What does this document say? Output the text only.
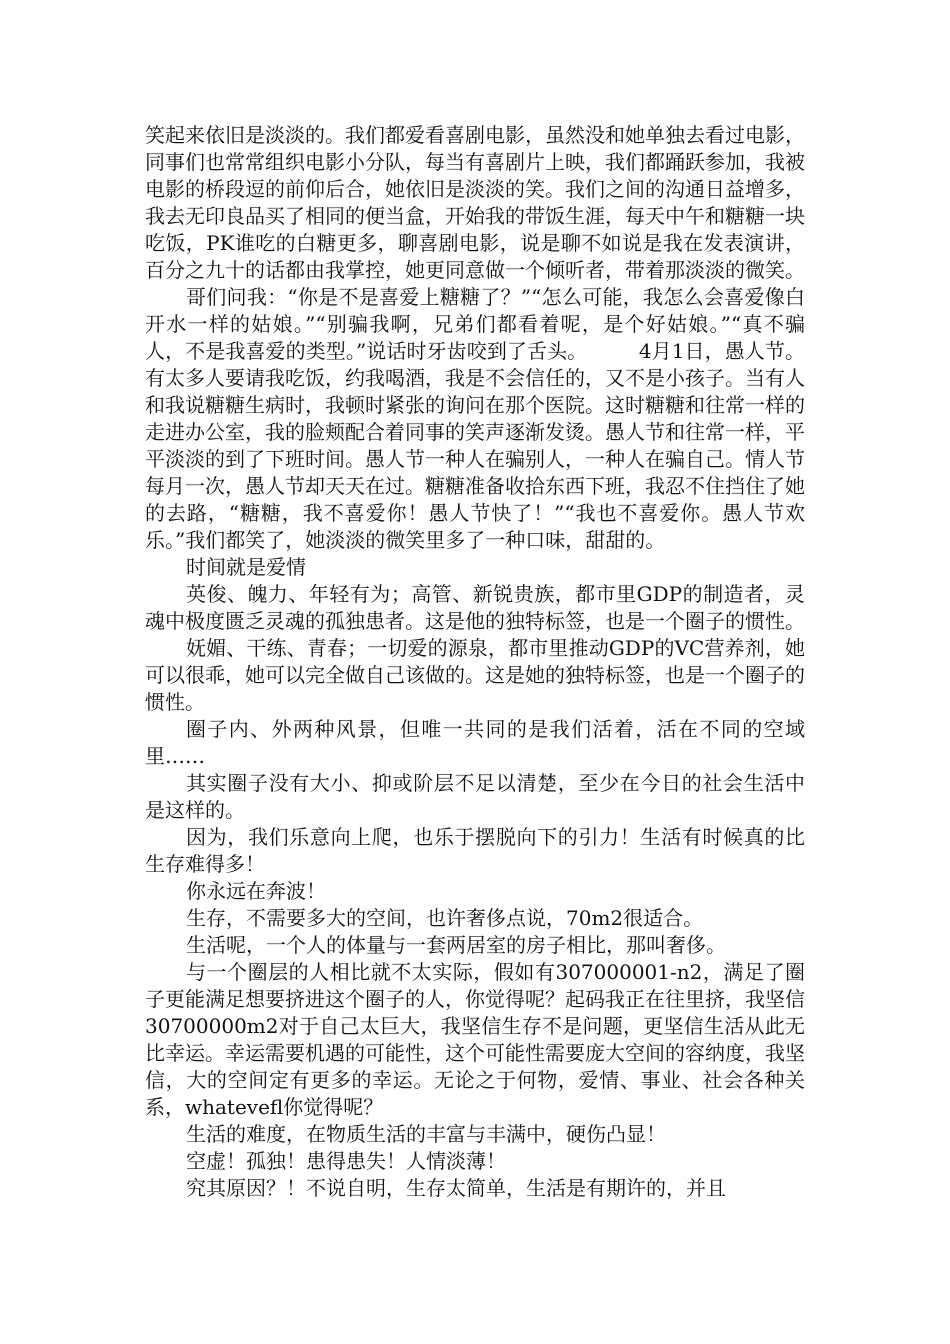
笑起来依旧是淡淡的。我们都爱看喜剧电影，虽然没和她单独去看过电影，同事们也常常组织电影小分队，每当有喜剧片上映，我们都踊跃参加，我被电影的桥段逗的前仰后合，她依旧是淡淡的笑。我们之间的沟通日益增多，我去无印良品买了相同的便当盒，开始我的带饭生涯，每天中午和糖糖一块吃饭，PK谁吃的白糖更多，聊喜剧电影，说是聊不如说是我在发表演讲，百分之九十的话都由我掌控，她更同意做一个倾听者，带着那淡淡的微笑。

哥们问我：“你是不是喜爱上糖糖了？”“怎么可能，我怎么会喜爱像白开水一样的姑娘。”“别骗我啊，兄弟们都看着呢，是个好姑娘。”“真不骗人，不是我喜爱的类型。”说话时牙齿咬到了舌头。        4月1日，愚人节。有太多人要请我吃饭，约我喝酒，我是不会信任的，又不是小孩子。当有人和我说糖糖生病时，我顿时紧张的询问在那个医院。这时糖糖和往常一样的走进办公室，我的脸颊配合着同事的笑声逐渐发烫。愚人节和往常一样，平平淡淡的到了下班时间。愚人节一种人在骗别人，一种人在骗自己。情人节每月一次，愚人节却天天在过。糖糖准备收拾东西下班，我忍不住挡住了她的去路，“糖糖，我不喜爱你！愚人节快了！”“我也不喜爱你。愚人节欢乐。”我们都笑了，她淡淡的微笑里多了一种口味，甜甜的。

时间就是爱情

英俊、魄力、年轻有为；高管、新锐贵族，都市里GDP的制造者，灵魂中极度匮乏灵魂的孤独患者。这是他的独特标签，也是一个圈子的惯性。

妩媚、干练、青春；一切爱的源泉，都市里推动GDP的VC营养剂，她可以很乖，她可以完全做自己该做的。这是她的独特标签，也是一个圈子的惯性。

圈子内、外两种风景，但唯一共同的是我们活着，活在不同的空域里……

其实圈子没有大小、抑或阶层不足以清楚，至少在今日的社会生活中是这样的。

因为，我们乐意向上爬，也乐于摆脱向下的引力！生活有时候真的比生存难得多！

你永远在奔波！

生存，不需要多大的空间，也许奢侈点说，70m2很适合。

生活呢，一个人的体量与一套两居室的房子相比，那叫奢侈。

与一个圈层的人相比就不太实际，假如有307000001-n2，满足了圈子更能满足想要挤进这个圈子的人，你觉得呢？起码我正在往里挤，我坚信30700000m2对于自己太巨大，我坚信生存不是问题，更坚信生活从此无比幸运。幸运需要机遇的可能性，这个可能性需要庞大空间的容纳度，我坚信，大的空间定有更多的幸运。无论之于何物，爱情、事业、社会各种关系，whatevefl你觉得呢？

生活的难度，在物质生活的丰富与丰满中，硬伤凸显！

空虚！孤独！患得患失！人情淡薄！

究其原因？！不说自明，生存太简单，生活是有期许的，并且
